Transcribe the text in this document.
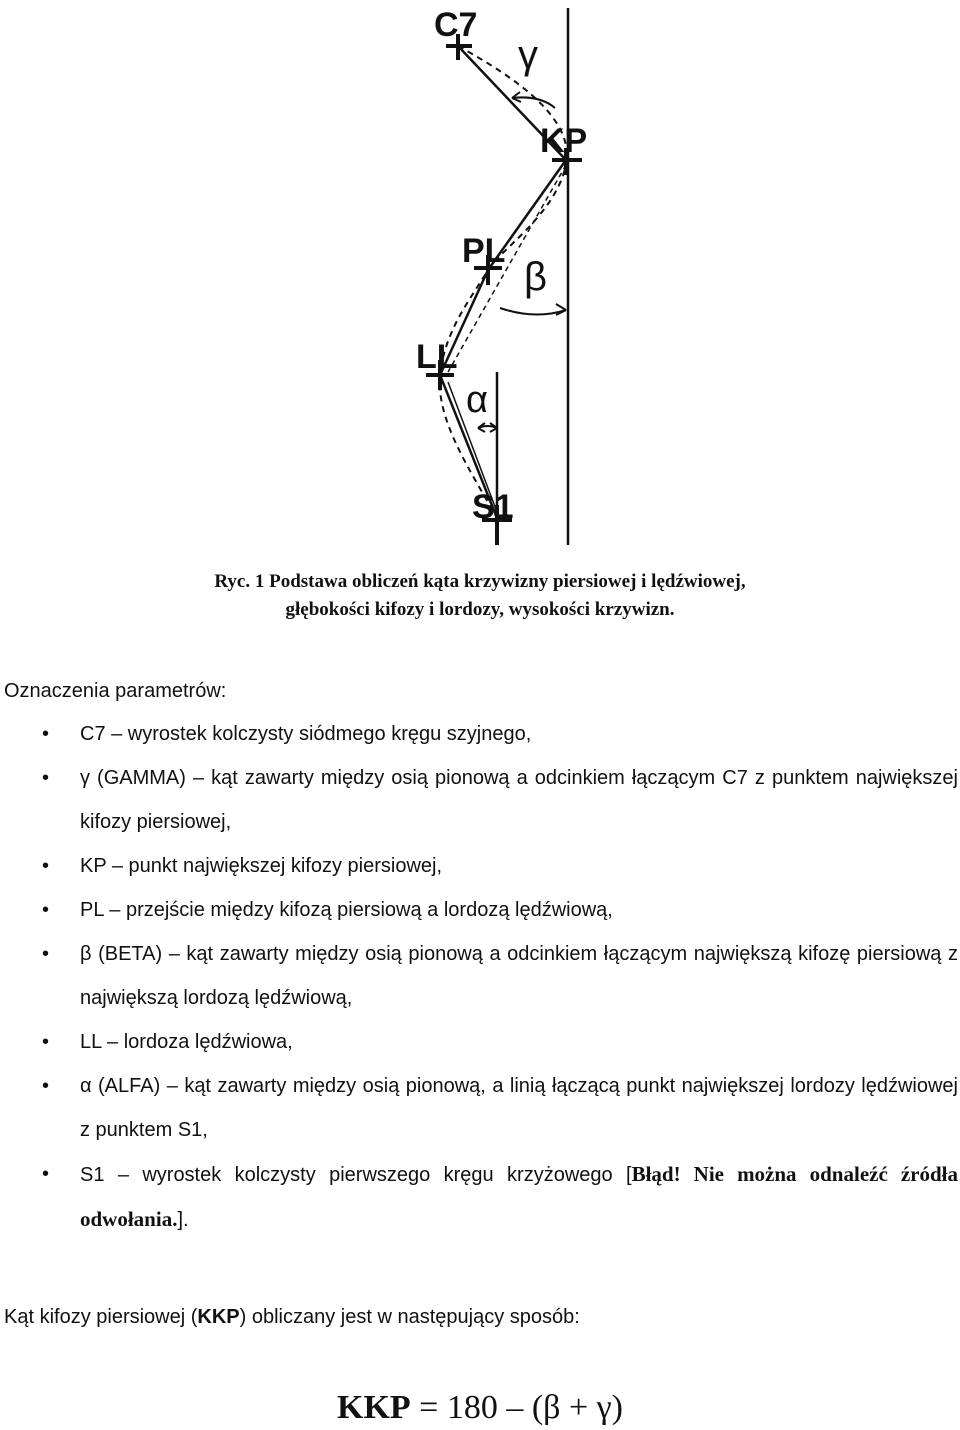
C7
γ
KP
PL
β
LL
α
S1
Ryc. 1 Podstawa obliczeń kąta krzywizny piersiowej i lędźwiowej,
głębokości kifozy i lordozy, wysokości krzywizn.
Oznaczenia parametrów:
• C7 – wyrostek kolczysty siódmego kręgu szyjnego,
• γ (GAMMA) – kąt zawarty między osią pionową a odcinkiem łączącym C7 z punktem największej kifozy piersiowej,
• KP – punkt największej kifozy piersiowej,
• PL – przejście między kifozą piersiową a lordozą lędźwiową,
• β (BETA) – kąt zawarty między osią pionową a odcinkiem łączącym największą kifozę piersiową z największą lordozą lędźwiową,
• LL – lordoza lędźwiowa,
• α (ALFA) – kąt zawarty między osią pionową, a linią łączącą punkt największej lordozy lędźwiowej z punktem S1,
• S1 – wyrostek kolczysty pierwszego kręgu krzyżowego [Błąd! Nie można odnaleźć źródła odwołania.].
Kąt kifozy piersiowej (KKP) obliczany jest w następujący sposób:
KKP = 180 – (β + γ)
